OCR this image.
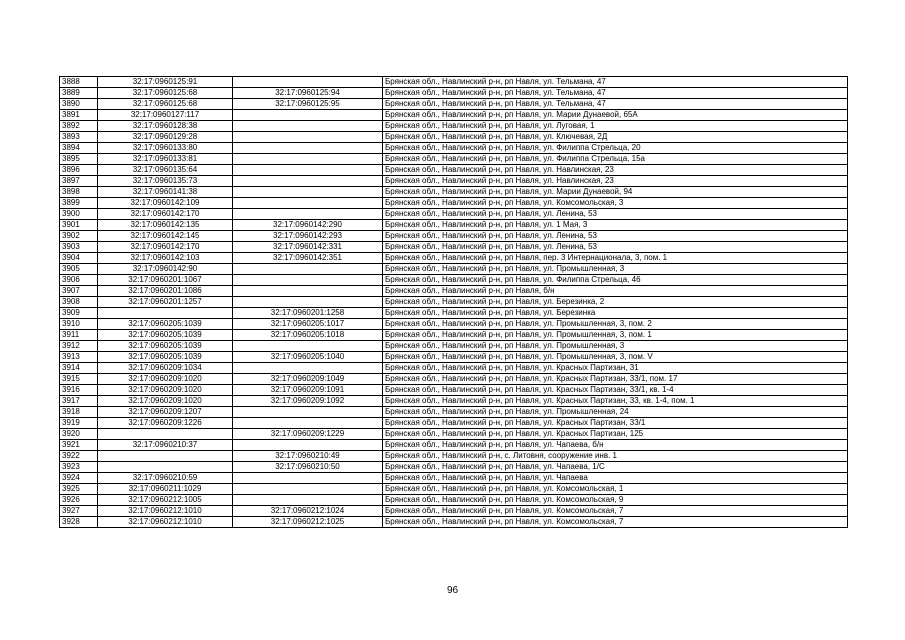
3888	32:17:0960125:91		Брянская обл., Навлинский р-н, рп Навля, ул. Тельмана, 47
3889	32:17:0960125:68	32:17:0960125:94	Брянская обл., Навлинский р-н, рп Навля, ул. Тельмана, 47
3890	32:17:0960125:68	32:17:0960125:95	Брянская обл., Навлинский р-н, рп Навля, ул. Тельмана, 47
3891	32:17:0960127:117		Брянская обл., Навлинский р-н, рп Навля, ул. Марии Дунаевой, 65А
3892	32:17:0960128:38		Брянская обл., Навлинский р-н, рп Навля, ул. Луговая, 1
3893	32:17:0960129:28		Брянская обл., Навлинский р-н, рп Навля, ул. Ключевая, 2Д
3894	32:17:0960133:80		Брянская обл., Навлинский р-н, рп Навля, ул. Филиппа Стрельца, 20
3895	32:17:0960133:81		Брянская обл., Навлинский р-н, рп Навля, ул. Филиппа Стрельца, 15а
3896	32:17:0960135:64		Брянская обл., Навлинский р-н, рп Навля, ул. Навлинская, 23
3897	32:17:0960135:73		Брянская обл., Навлинский р-н, рп Навля, ул. Навлинская, 23
3898	32:17:0960141:38		Брянская обл., Навлинский р-н, рп Навля, ул. Марии Дунаевой, 94
3899	32:17:0960142:109		Брянская обл., Навлинский р-н, рп Навля, ул. Комсомольская, 3
3900	32:17:0960142:170		Брянская обл., Навлинский р-н, рп Навля, ул. Ленина, 53
3901	32:17:0960142:135	32:17:0960142:290	Брянская обл., Навлинский р-н, рп Навля, ул. 1 Мая, 3
3902	32:17:0960142:145	32:17:0960142:293	Брянская обл., Навлинский р-н, рп Навля, ул. Ленина, 53
3903	32:17:0960142:170	32:17:0960142:331	Брянская обл., Навлинский р-н, рп Навля, ул. Ленина, 53
3904	32:17:0960142:103	32:17:0960142:351	Брянская обл., Навлинский р-н, рп Навля, пер. 3 Интернационала, 3, пом. 1
3905	32:17:0960142:90		Брянская обл., Навлинский р-н, рп Навля, ул. Промышленная, 3
3906	32:17:0960201:1067		Брянская обл., Навлинский р-н, рп Навля, ул. Филиппа Стрельца, 46
3907	32:17:0960201:1086		Брянская обл., Навлинский р-н, рп Навля, б/н
3908	32:17:0960201:1257		Брянская обл., Навлинский р-н, рп Навля, ул. Березинка, 2
3909		32:17:0960201:1258	Брянская обл., Навлинский р-н, рп Навля, ул. Березинка
3910	32:17:0960205:1039	32:17:0960205:1017	Брянская обл., Навлинский р-н, рп Навля, ул. Промышленная, 3, пом. 2
3911	32:17:0960205:1039	32:17:0960205:1018	Брянская обл., Навлинский р-н, рп Навля, ул. Промышленная, 3, пом. 1
3912	32:17:0960205:1039		Брянская обл., Навлинский р-н, рп Навля, ул. Промышленная, 3
3913	32:17:0960205:1039	32:17:0960205:1040	Брянская обл., Навлинский р-н, рп Навля, ул. Промышленная, 3, пом. V
3914	32:17:0960209:1034		Брянская обл., Навлинский р-н, рп Навля, ул. Красных Партизан, 31
3915	32:17:0960209:1020	32:17:0960209:1049	Брянская обл., Навлинский р-н, рп Навля, ул. Красных Партизан, 33/1, пом. 17
3916	32:17:0960209:1020	32:17:0960209:1091	Брянская обл., Навлинский р-н, рп Навля, ул. Красных Партизан, 33/1, кв. 1-4
3917	32:17:0960209:1020	32:17:0960209:1092	Брянская обл., Навлинский р-н, рп Навля, ул. Красных Партизан, 33, кв. 1-4, пом. 1
3918	32:17:0960209:1207		Брянская обл., Навлинский р-н, рп Навля, ул. Промышленная, 24
3919	32:17:0960209:1226		Брянская обл., Навлинский р-н, рп Навля, ул. Красных Партизан, 33/1
3920		32:17:0960209:1229	Брянская обл., Навлинский р-н, рп Навля, ул. Красных Партизан, 125
3921	32:17:0960210:37		Брянская обл., Навлинский р-н, рп Навля, ул. Чапаева, б/н
3922		32:17:0960210:49	Брянская обл., Навлинский р-н, с. Литовня, сооружение инв. 1
3923		32:17:0960210:50	Брянская обл., Навлинский р-н, рп Навля, ул. Чапаева, 1/С
3924	32:17:0960210:59		Брянская обл., Навлинский р-н, рп Навля, ул. Чапаева
3925	32:17:0960211:1029		Брянская обл., Навлинский р-н, рп Навля, ул. Комсомольская, 1
3926	32:17:0960212:1005		Брянская обл., Навлинский р-н, рп Навля, ул. Комсомольская, 9
3927	32:17:0960212:1010	32:17:0960212:1024	Брянская обл., Навлинский р-н, рп Навля, ул. Комсомольская, 7
3928	32:17:0960212:1010	32:17:0960212:1025	Брянская обл., Навлинский р-н, рп Навля, ул. Комсомольская, 7
96
